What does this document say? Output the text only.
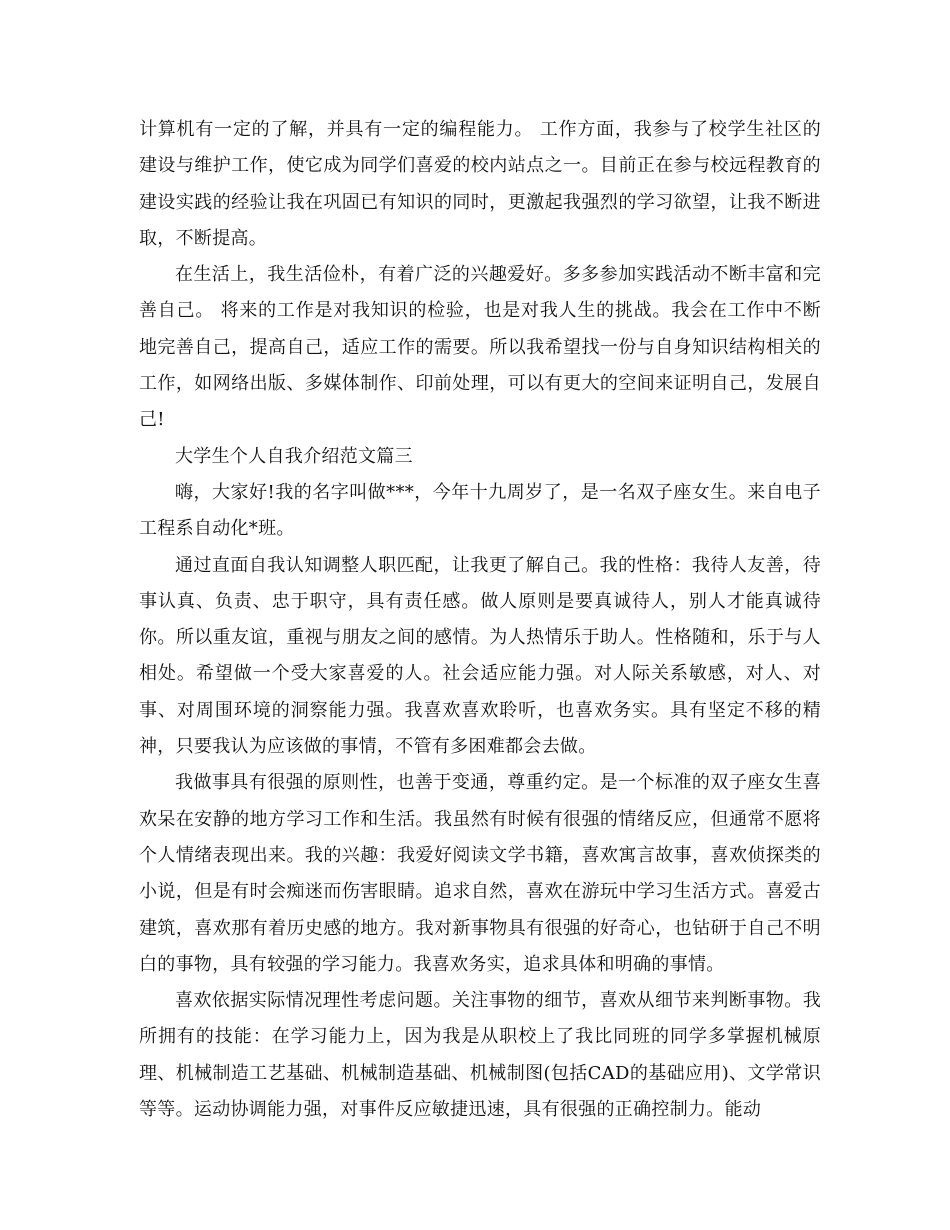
计算机有一定的了解，并具有一定的编程能力。 工作方面，我参与了校学生社区的建设与维护工作，使它成为同学们喜爱的校内站点之一。目前正在参与校远程教育的建设实践的经验让我在巩固已有知识的同时，更激起我强烈的学习欲望，让我不断进取，不断提高。

在生活上，我生活俭朴，有着广泛的兴趣爱好。多多参加实践活动不断丰富和完善自己。 将来的工作是对我知识的检验，也是对我人生的挑战。我会在工作中不断地完善自己，提高自己，适应工作的需要。所以我希望找一份与自身知识结构相关的工作，如网络出版、多媒体制作、印前处理，可以有更大的空间来证明自己，发展自己!

大学生个人自我介绍范文篇三

嗨，大家好!我的名字叫做***，今年十九周岁了，是一名双子座女生。来自电子工程系自动化*班。

通过直面自我认知调整人职匹配，让我更了解自己。我的性格：我待人友善，待事认真、负责、忠于职守，具有责任感。做人原则是要真诚待人，别人才能真诚待你。所以重友谊，重视与朋友之间的感情。为人热情乐于助人。性格随和，乐于与人相处。希望做一个受大家喜爱的人。社会适应能力强。对人际关系敏感，对人、对事、对周围环境的洞察能力强。我喜欢喜欢聆听，也喜欢务实。具有坚定不移的精神，只要我认为应该做的事情，不管有多困难都会去做。

我做事具有很强的原则性，也善于变通，尊重约定。是一个标准的双子座女生喜欢呆在安静的地方学习工作和生活。我虽然有时候有很强的情绪反应，但通常不愿将个人情绪表现出来。我的兴趣：我爱好阅读文学书籍，喜欢寓言故事，喜欢侦探类的小说，但是有时会痴迷而伤害眼睛。追求自然，喜欢在游玩中学习生活方式。喜爱古建筑，喜欢那有着历史感的地方。我对新事物具有很强的好奇心，也钻研于自己不明白的事物，具有较强的学习能力。我喜欢务实，追求具体和明确的事情。

喜欢依据实际情况理性考虑问题。关注事物的细节，喜欢从细节来判断事物。我所拥有的技能：在学习能力上，因为我是从职校上了我比同班的同学多掌握机械原理、机械制造工艺基础、机械制造基础、机械制图(包括CAD的基础应用)、文学常识等等。运动协调能力强，对事件反应敏捷迅速，具有很强的正确控制力。能动
